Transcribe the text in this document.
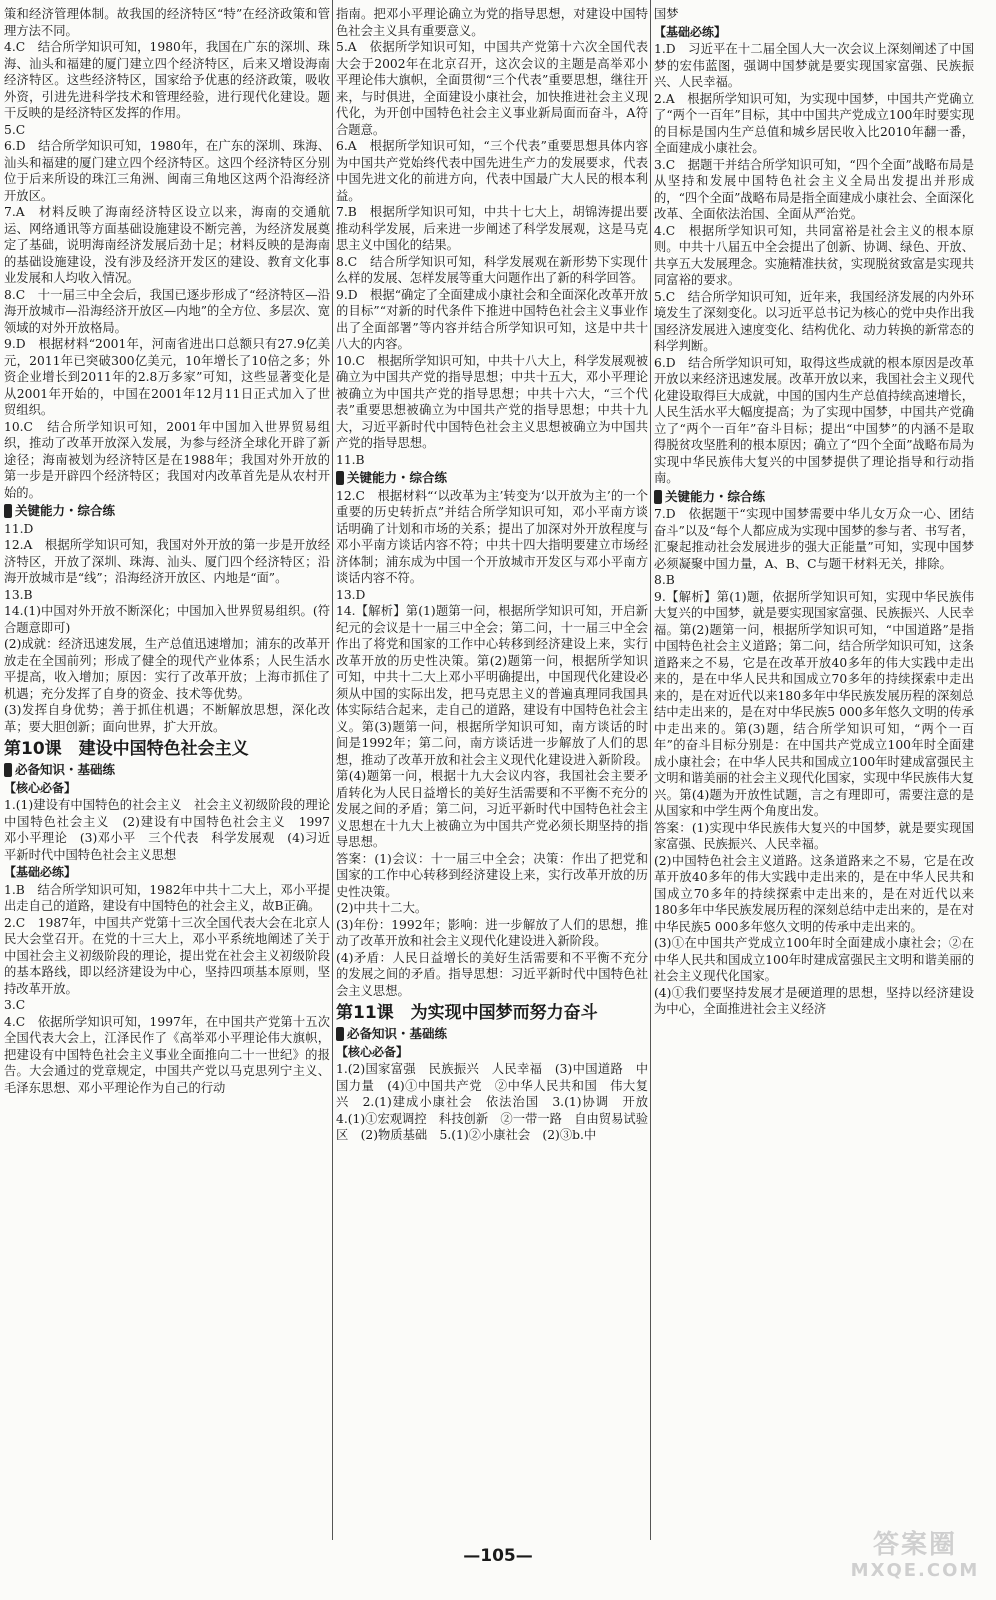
策和经济管理体制。故我国的经济特区“特”在经济政策和管理方法不同。

4.C　结合所学知识可知，1980年，我国在广东的深圳、珠海、汕头和福建的厦门建立四个经济特区，后来又增设海南经济特区。这些经济特区，国家给予优惠的经济政策，吸收外资，引进先进科学技术和管理经验，进行现代化建设。题干反映的是经济特区发挥的作用。

5.C

6.D　结合所学知识可知，1980年，在广东的深圳、珠海、汕头和福建的厦门建立四个经济特区。这四个经济特区分别位于后来所设的珠江三角洲、闽南三角地区这两个沿海经济开放区。

7.A　材料反映了海南经济特区设立以来，海南的交通航运、网络通讯等方面基础设施建设不断完善，为经济发展奠定了基础，说明海南经济发展后劲十足；材料反映的是海南的基础设施建设，没有涉及经济开发区的建设、教育文化事业发展和人均收入情况。

8.C　十一届三中全会后，我国已逐步形成了“经济特区—沿海开放城市—沿海经济开放区—内地”的全方位、多层次、宽领域的对外开放格局。

9.D　根据材料“2001年，河南省进出口总额只有27.9亿美元，2011年已突破300亿美元，10年增长了10倍之多；外资企业增长到2011年的2.8万多家”可知，这些显著变化是从2001年开始的，中国在2001年12月11日正式加入了世贸组织。

10.C　结合所学知识可知，2001年中国加入世界贸易组织，推动了改革开放深入发展，为参与经济全球化开辟了新途径；海南被划为经济特区是在1988年；我国对外开放的第一步是开辟四个经济特区；我国对内改革首先是从农村开始的。

关键能力・综合练

11.D

12.A　根据所学知识可知，我国对外开放的第一步是开放经济特区，开放了深圳、珠海、汕头、厦门四个经济特区；沿海开放城市是“线”；沿海经济开放区、内地是“面”。

13.B

14.(1)中国对外开放不断深化；中国加入世界贸易组织。(符合题意即可)

(2)成就：经济迅速发展，生产总值迅速增加；浦东的改革开放走在全国前列；形成了健全的现代产业体系；人民生活水平提高，收入增加；原因：实行了改革开放；上海市抓住了机遇；充分发挥了自身的资金、技术等优势。

(3)发挥自身优势；善于抓住机遇；不断解放思想，深化改革；要大胆创新；面向世界，扩大开放。

第10课　建设中国特色社会主义
必备知识・基础练
【核心必备】

1.(1)建设有中国特色的社会主义　社会主义初级阶段的理论　中国特色社会主义　(2)建设有中国特色社会主义　1997　邓小平理论　(3)邓小平　三个代表　科学发展观　(4)习近平新时代中国特色社会主义思想

【基础必练】

1.B　结合所学知识可知，1982年中共十二大上，邓小平提出走自己的道路，建设有中国特色的社会主义，故B正确。

2.C　1987年，中国共产党第十三次全国代表大会在北京人民大会堂召开。在党的十三大上，邓小平系统地阐述了关于中国社会主义初级阶段的理论，提出党在社会主义初级阶段的基本路线，即以经济建设为中心，坚持四项基本原则，坚持改革开放。

3.C

4.C　依据所学知识可知，1997年，在中国共产党第十五次全国代表大会上，江泽民作了《高举邓小平理论伟大旗帜，把建设有中国特色社会主义事业全面推向二十一世纪》的报告。大会通过的党章规定，中国共产党以马克思列宁主义、毛泽东思想、邓小平理论作为自己的行动

指南。把邓小平理论确立为党的指导思想，对建设中国特色社会主义具有重要意义。

5.A　依据所学知识可知，中国共产党第十六次全国代表大会于2002年在北京召开，这次会议的主题是高举邓小平理论伟大旗帜，全面贯彻“三个代表”重要思想，继往开来，与时俱进，全面建设小康社会，加快推进社会主义现代化，为开创中国特色社会主义事业新局面而奋斗，A符合题意。

6.A　根据所学知识可知，“三个代表”重要思想具体内容为中国共产党始终代表中国先进生产力的发展要求，代表中国先进文化的前进方向，代表中国最广大人民的根本利益。

7.B　根据所学知识可知，中共十七大上，胡锦涛提出要推动科学发展，后来进一步阐述了科学发展观，这是马克思主义中国化的结果。

8.C　结合所学知识可知，科学发展观在新形势下实现什么样的发展、怎样发展等重大问题作出了新的科学回答。

9.D　根据“确定了全面建成小康社会和全面深化改革开放的目标”“对新的时代条件下推进中国特色社会主义事业作出了全面部署”等内容并结合所学知识可知，这是中共十八大的内容。

10.C　根据所学知识可知，中共十八大上，科学发展观被确立为中国共产党的指导思想；中共十五大，邓小平理论被确立为中国共产党的指导思想；中共十六大，“三个代表”重要思想被确立为中国共产党的指导思想；中共十九大，习近平新时代中国特色社会主义思想被确立为中国共产党的指导思想。

11.B

关键能力・综合练

12.C　根据材料“‘以改革为主’转变为‘以开放为主’的一个重要的历史转折点”并结合所学知识可知，邓小平南方谈话明确了计划和市场的关系；提出了加深对外开放程度与邓小平南方谈话内容不符；中共十四大指明要建立市场经济体制；浦东成为中国一个开放城市开发区与邓小平南方谈话内容不符。

13.D

14.【解析】第(1)题第一问，根据所学知识可知，开启新纪元的会议是十一届三中全会；第二问，十一届三中全会作出了将党和国家的工作中心转移到经济建设上来，实行改革开放的历史性决策。第(2)题第一问，根据所学知识可知，中共十二大上邓小平明确提出，中国现代化建设必须从中国的实际出发，把马克思主义的普遍真理同我国具体实际结合起来，走自己的道路，建设有中国特色社会主义。第(3)题第一问，根据所学知识可知，南方谈话的时间是1992年；第二问，南方谈话进一步解放了人们的思想，推动了改革开放和社会主义现代化建设进入新阶段。第(4)题第一问，根据十九大会议内容，我国社会主要矛盾转化为人民日益增长的美好生活需要和不平衡不充分的发展之间的矛盾；第二问，习近平新时代中国特色社会主义思想在十九大上被确立为中国共产党必须长期坚持的指导思想。

答案：(1)会议：十一届三中全会；决策：作出了把党和国家的工作中心转移到经济建设上来，实行改革开放的历史性决策。

(2)中共十二大。

(3)年份：1992年；影响：进一步解放了人们的思想，推动了改革开放和社会主义现代化建设进入新阶段。

(4)矛盾：人民日益增长的美好生活需要和不平衡不充分的发展之间的矛盾。指导思想：习近平新时代中国特色社会主义思想。

第11课　为实现中国梦而努力奋斗
必备知识・基础练
【核心必备】

1.(2)国家富强　民族振兴　人民幸福　(3)中国道路　中国力量　(4)①中国共产党　②中华人民共和国　伟大复兴　2.(1)建成小康社会　依法治国　3.(1)协调　开放　4.(1)①宏观调控　科技创新　②一带一路　自由贸易试验区　(2)物质基础　5.(1)②小康社会　(2)③b.中

国梦

【基础必练】

1.D　习近平在十二届全国人大一次会议上深刻阐述了中国梦的宏伟蓝图，强调中国梦就是要实现国家富强、民族振兴、人民幸福。

2.A　根据所学知识可知，为实现中国梦，中国共产党确立了“两个一百年”目标，其中中国共产党成立100年时要实现的目标是国内生产总值和城乡居民收入比2010年翻一番，全面建成小康社会。

3.C　据题干并结合所学知识可知，“四个全面”战略布局是从坚持和发展中国特色社会主义全局出发提出并形成的，“四个全面”战略布局是指全面建成小康社会、全面深化改革、全面依法治国、全面从严治党。

4.C　根据所学知识可知，共同富裕是社会主义的根本原则。中共十八届五中全会提出了创新、协调、绿色、开放、共享五大发展理念。实施精准扶贫，实现脱贫致富是实现共同富裕的要求。

5.C　结合所学知识可知，近年来，我国经济发展的内外环境发生了深刻变化。以习近平总书记为核心的党中央作出我国经济发展进入速度变化、结构优化、动力转换的新常态的科学判断。

6.D　结合所学知识可知，取得这些成就的根本原因是改革开放以来经济迅速发展。改革开放以来，我国社会主义现代化建设取得巨大成就，中国的国内生产总值持续高速增长，人民生活水平大幅度提高；为了实现中国梦，中国共产党确立了“两个一百年”奋斗目标；提出“中国梦”的内涵不是取得脱贫攻坚胜利的根本原因；确立了“四个全面”战略布局为实现中华民族伟大复兴的中国梦提供了理论指导和行动指南。

关键能力・综合练

7.D　依据题干“实现中国梦需要中华儿女万众一心、团结奋斗”以及“每个人都应成为实现中国梦的参与者、书写者，汇聚起推动社会发展进步的强大正能量”可知，实现中国梦必须凝聚中国力量，A、B、C与题干材料无关，排除。

8.B

9.【解析】第(1)题，依据所学知识可知，实现中华民族伟大复兴的中国梦，就是要实现国家富强、民族振兴、人民幸福。第(2)题第一问，根据所学知识可知，“中国道路”是指中国特色社会主义道路；第二问，结合所学知识可知，这条道路来之不易，它是在改革开放40多年的伟大实践中走出来的，是在中华人民共和国成立70多年的持续探索中走出来的，是在对近代以来180多年中华民族发展历程的深刻总结中走出来的，是在对中华民族5 000多年悠久文明的传承中走出来的。第(3)题，结合所学知识可知，“两个一百年”的奋斗目标分别是：在中国共产党成立100年时全面建成小康社会；在中华人民共和国成立100年时建成富强民主文明和谐美丽的社会主义现代化国家，实现中华民族伟大复兴。第(4)题为开放性试题，言之有理即可，需要注意的是从国家和中学生两个角度出发。

答案：(1)实现中华民族伟大复兴的中国梦，就是要实现国家富强、民族振兴、人民幸福。

(2)中国特色社会主义道路。这条道路来之不易，它是在改革开放40多年的伟大实践中走出来的，是在中华人民共和国成立70多年的持续探索中走出来的，是在对近代以来180多年中华民族发展历程的深刻总结中走出来的，是在对中华民族5 000多年悠久文明的传承中走出来的。

(3)①在中国共产党成立100年时全面建成小康社会；②在中华人民共和国成立100年时建成富强民主文明和谐美丽的社会主义现代化国家。

(4)①我们要坚持发展才是硬道理的思想，坚持以经济建设为中心，全面推进社会主义经济

—105—	答案圈
MXQE.COM
